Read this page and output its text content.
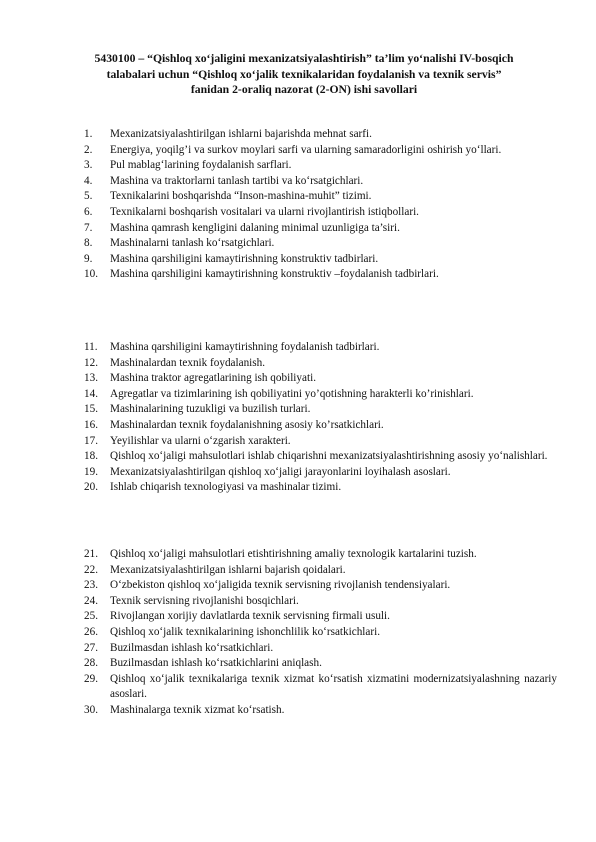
5430100 – “Qishloq xo‘jaligini mexanizatsiyalashtirish” ta’lim yo‘nalishi IV-bosqich
talabalari uchun “Qishloq xo‘jalik texnikalaridan foydalanish va texnik servis”
fanidan 2-oraliq nazorat (2-ON) ishi savollari
1.	Mexanizatsiyalashtirilgan ishlarni bajarishda mehnat sarfi.
2.	Energiya, yoqilg’i va surkov moylari sarfi va ularning samaradorligini oshirish yo‘llari.
3.	Pul mablag‘larining foydalanish sarflari.
4.	Mashina va traktorlarni tanlash tartibi va ko‘rsatgichlari.
5.	Texnikalarini boshqarishda “Inson-mashina-muhit” tizimi.
6.	Texnikalarni boshqarish vositalari va ularni rivojlantirish istiqbollari.
7.	Mashina qamrash kengligini dalaning minimal uzunligiga ta’siri.
8.	Mashinalarni tanlash ko‘rsatgichlari.
9.	Mashina qarshiligini kamaytirishning konstruktiv tadbirlari.
10.	Mashina qarshiligini kamaytirishning konstruktiv –foydalanish tadbirlari.
11.	Mashina qarshiligini kamaytirishning foydalanish tadbirlari.
12.	Mashinalardan texnik foydalanish.
13.	Mashina traktor agregatlarining ish qobiliyati.
14.	Agregatlar va tizimlarining ish qobiliyatini yo’qotishning harakterli ko’rinishlari.
15.	Mashinalarining tuzukligi va buzilish turlari.
16.	Mashinalardan texnik foydalanishning asosiy ko’rsatkichlari.
17.	Yeyilishlar va ularni o‘zgarish xarakteri.
18.	Qishloq xo‘jaligi mahsulotlari ishlab chiqarishni mexanizatsiyalashtirishning asosiy yo‘nalishlari.
19.	Mexanizatsiyalashtirilgan qishloq xo‘jaligi jarayonlarini loyihalash asoslari.
20.	Ishlab chiqarish texnologiyasi va mashinalar tizimi.
21.	Qishloq xo‘jaligi mahsulotlari etishtirishning amaliy texnologik kartalarini tuzish.
22.	Mexanizatsiyalashtirilgan ishlarni bajarish qoidalari.
23.	O‘zbekiston qishloq xo‘jaligida texnik servisning rivojlanish tendensiyalari.
24.	Texnik servisning rivojlanishi bosqichlari.
25.	Rivojlangan xorijiy davlatlarda texnik servisning firmali usuli.
26.	Qishloq xo‘jalik texnikalarining ishonchlilik ko‘rsatkichlari.
27.	Buzilmasdan ishlash ko‘rsatkichlari.
28.	Buzilmasdan ishlash ko‘rsatkichlarini aniqlash.
29.	Qishloq xo‘jalik texnikalariga texnik xizmat ko‘rsatish xizmatini modernizatsiyalashning nazariy asoslari.
30.	Mashinalarga texnik xizmat ko‘rsatish.
